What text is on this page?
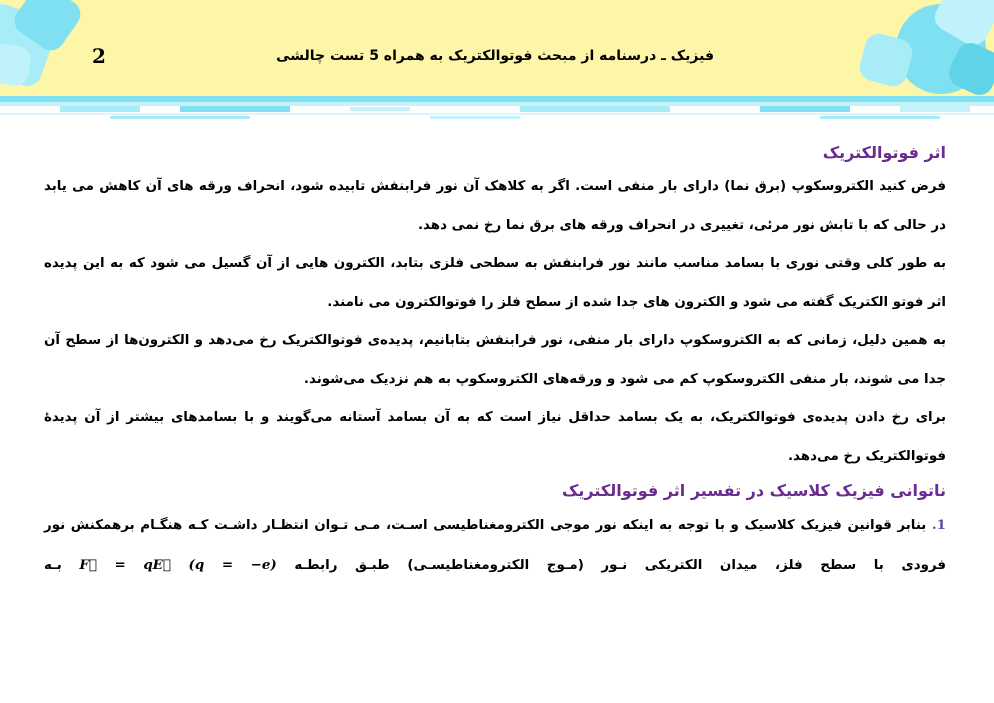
فیزیک ـ درسنامه از مبحث فوتوالکتریک به همراه 5 تست چالشی
2
اثر فوتوالکتریک

فرض کنید الکتروسکوپ (برق نما) دارای بار منفی است. اگر به کلاهک آن نور فرابنفش تابیده شود، انحراف ورقه های آن کاهش می یابد در حالی که با تابش نور مرئی، تغییری در انحراف ورقه های برق نما رخ نمی دهد.

به طور کلی وقتی نوری با بسامد مناسب مانند نور فرابنفش به سطحی فلزی بتابد، الکترون هایی از آن گسیل می شود که به این پدیده اثر فوتو الکتریک گفته می شود و الکترون های جدا شده از سطح فلز را فوتوالکترون می نامند.

به همین دلیل، زمانی که به الکتروسکوپ دارای بار منفی، نور فرابنفش بتابانیم، پدیده‌ی فوتوالکتریک رخ می‌دهد و الکترون‌ها از سطح آن جدا می شوند، بار منفی الکتروسکوپ کم می شود و ورقه‌های الکتروسکوپ به هم نزدیک می‌شوند.

برای رخ دادن پدیده‌ی فوتوالکتریک، به یک بسامد حداقل نیاز است که به آن بسامد آستانه می‌گویند و با بسامدهای بیشتر از آن پدیدۀ فوتوالکتریک رخ می‌دهد.

ناتوانی فیزیک کلاسیک در تفسیر اثر فوتوالکتریک
1. بنابر قوانین فیزیک کلاسیک و با توجه به اینکه نور موجی الکترومغناطیسی اسـت، مـی تـوان انتظـار داشـت کـه هنگـام برهمکنش نور فرودی با سطح فلز، میدان الکتریکی نـور (مـوج الکترومغناطیسـی) طبـق رابطـه F⃗ = qE⃗ (q = −e) بـه
